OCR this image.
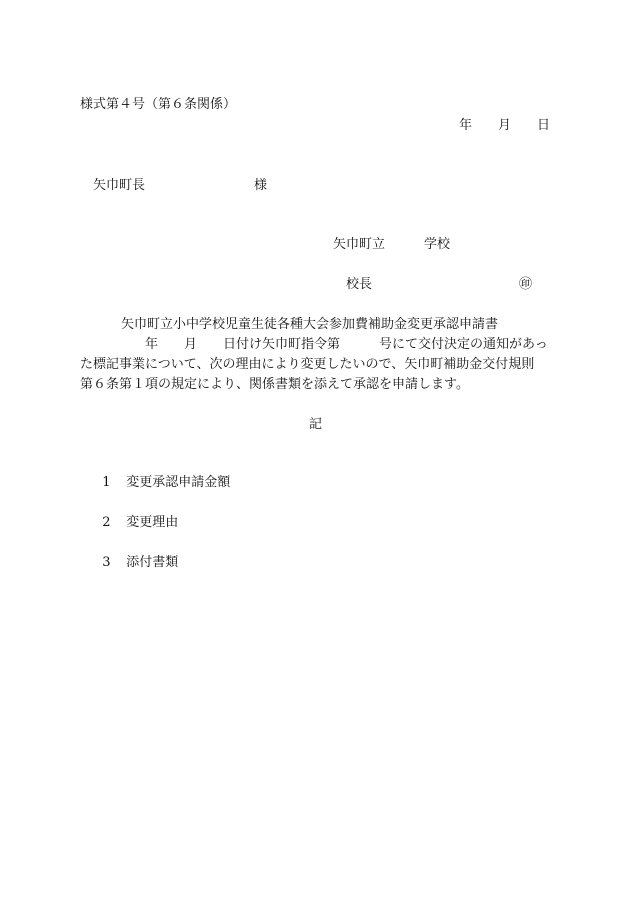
様式第４号（第６条関係）
年　　月　　日
矢巾町長	様
矢巾町立　　　学校
校長	㊞
矢巾町立小中学校児童生徒各種大会参加費補助金変更承認申請書
　　　　　年　　月　　日付け矢巾町指令第　　　号にて交付決定の通知があっ
た標記事業について、次の理由により変更したいので、矢巾町補助金交付規則
第６条第１項の規定により、関係書類を添えて承認を申請します。
記

1 変更承認申請金額

2 変更理由

3 添付書類
